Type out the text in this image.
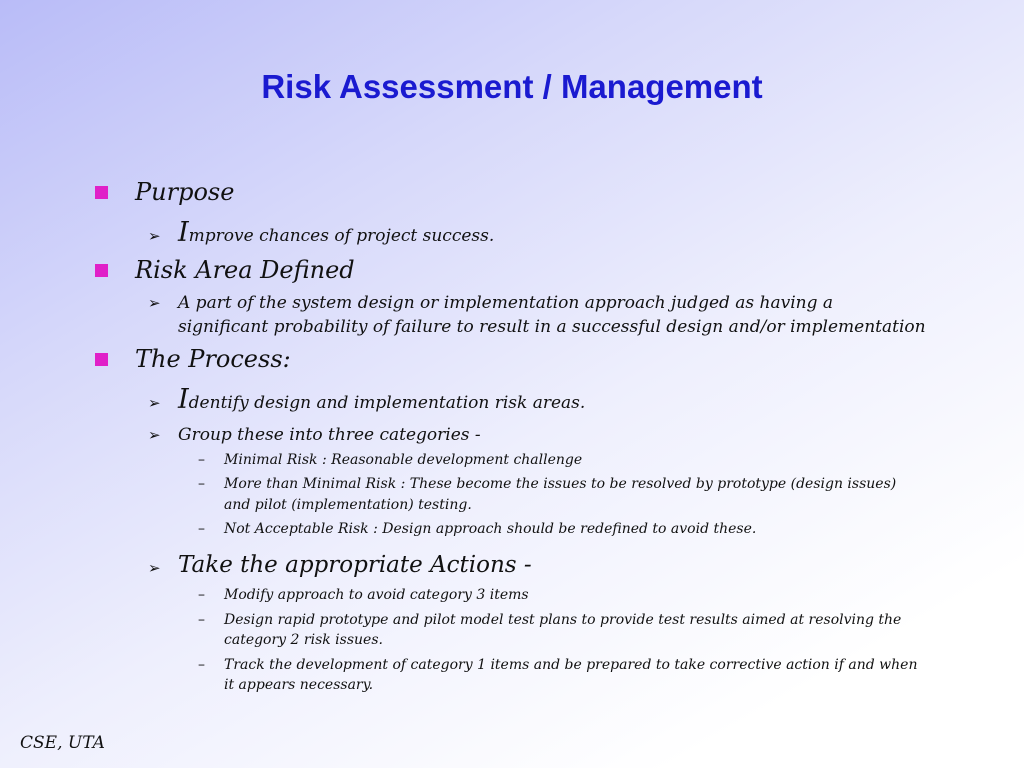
Risk Assessment / Management
Purpose
➢ Improve chances of project success.
Risk Area Defined
➢ A part of the system design or implementation approach judged as having a
significant probability of failure to result in a successful design and/or implementation
The Process:
➢ Identify design and implementation risk areas.
➢ Group these into three categories -
– Minimal Risk : Reasonable development challenge
– More than Minimal Risk : These become the issues to be resolved by prototype (design issues)
and pilot (implementation) testing.
– Not Acceptable Risk : Design approach should be redefined to avoid these.
➢ Take the appropriate Actions -
– Modify approach to avoid category 3 items
– Design rapid prototype and pilot model test plans to provide test results aimed at resolving the
category 2 risk issues.
– Track the development of category 1 items and be prepared to take corrective action if and when
it appears necessary.
CSE, UTA
